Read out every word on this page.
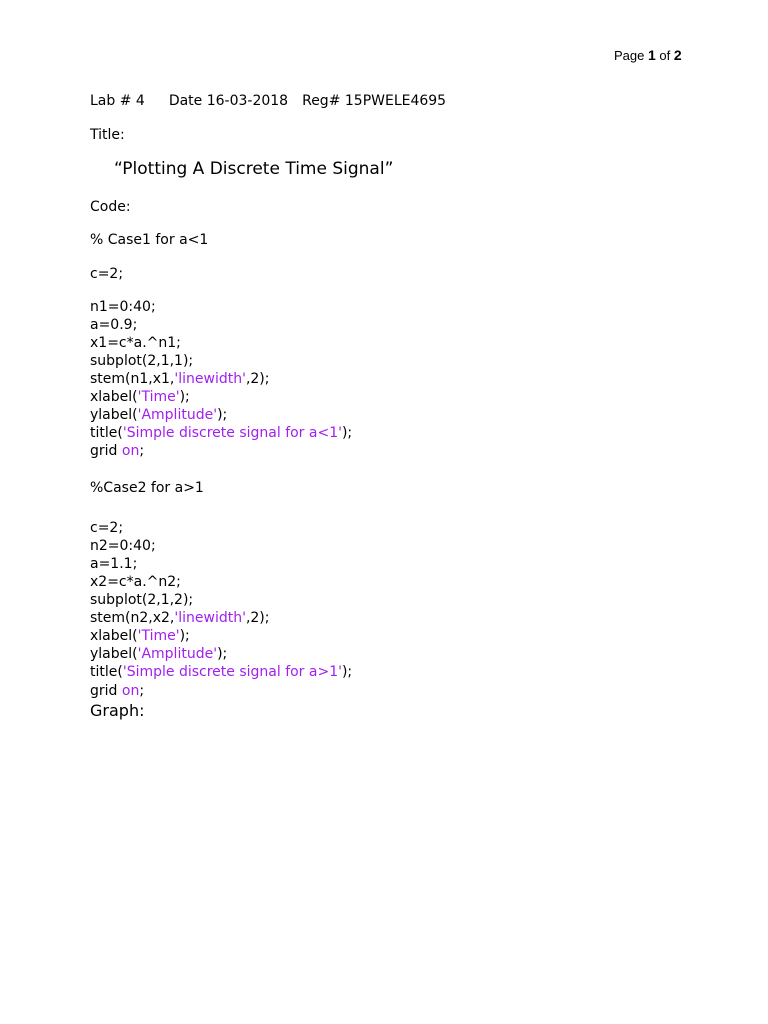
Page 1 of 2
Lab # 4 Date 16-03-2018 Reg# 15PWELE4695
Title:
“Plotting A Discrete Time Signal”
Code:
% Case1 for a<1
c=2;
n1=0:40;
a=0.9;
x1=c*a.^n1;
subplot(2,1,1);
stem(n1,x1,'linewidth',2);
xlabel('Time');
ylabel('Amplitude');
title('Simple discrete signal for a<1');
grid on;
%Case2 for a>1
c=2;
n2=0:40;
a=1.1;
x2=c*a.^n2;
subplot(2,1,2);
stem(n2,x2,'linewidth',2);
xlabel('Time');
ylabel('Amplitude');
title('Simple discrete signal for a>1');
grid on;
Graph:
